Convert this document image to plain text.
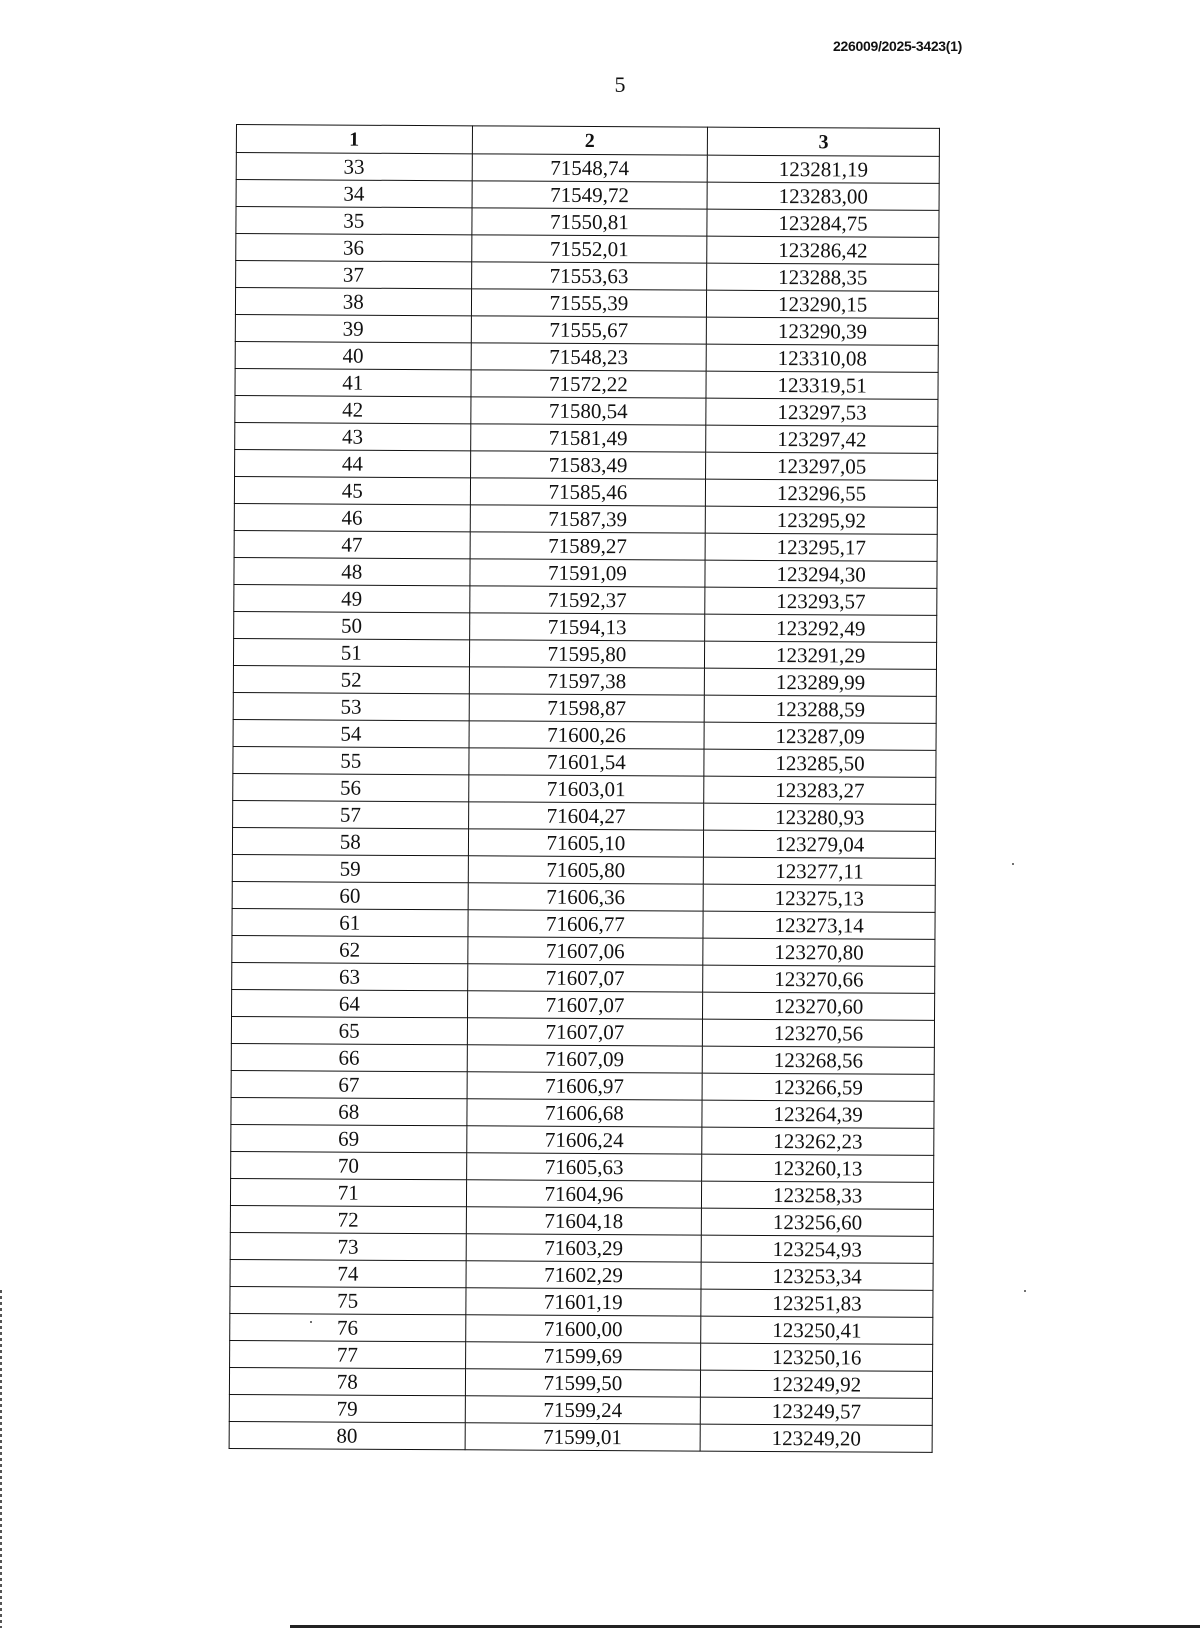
226009/2025-3423(1)
5
1	2	3
33	71548,74	123281,19
34	71549,72	123283,00
35	71550,81	123284,75
36	71552,01	123286,42
37	71553,63	123288,35
38	71555,39	123290,15
39	71555,67	123290,39
40	71548,23	123310,08
41	71572,22	123319,51
42	71580,54	123297,53
43	71581,49	123297,42
44	71583,49	123297,05
45	71585,46	123296,55
46	71587,39	123295,92
47	71589,27	123295,17
48	71591,09	123294,30
49	71592,37	123293,57
50	71594,13	123292,49
51	71595,80	123291,29
52	71597,38	123289,99
53	71598,87	123288,59
54	71600,26	123287,09
55	71601,54	123285,50
56	71603,01	123283,27
57	71604,27	123280,93
58	71605,10	123279,04
59	71605,80	123277,11
60	71606,36	123275,13
61	71606,77	123273,14
62	71607,06	123270,80
63	71607,07	123270,66
64	71607,07	123270,60
65	71607,07	123270,56
66	71607,09	123268,56
67	71606,97	123266,59
68	71606,68	123264,39
69	71606,24	123262,23
70	71605,63	123260,13
71	71604,96	123258,33
72	71604,18	123256,60
73	71603,29	123254,93
74	71602,29	123253,34
75	71601,19	123251,83
76	71600,00	123250,41
77	71599,69	123250,16
78	71599,50	123249,92
79	71599,24	123249,57
80	71599,01	123249,20
